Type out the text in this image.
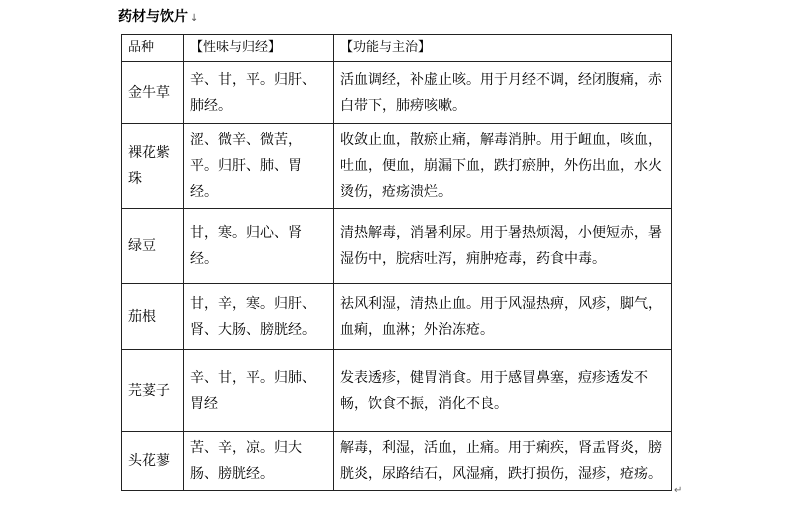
药材与饮片 ↓
品种	【性味与归经】	【功能与主治】
金牛草	辛、甘，平。归肝、肺经。	活血调经，补虚止咳。用于月经不调，经闭腹痛，赤白带下，肺痨咳嗽。
裸花紫珠	涩、微辛、微苦，平。归肝、肺、胃经。	收敛止血，散瘀止痛，解毒消肿。用于衄血，咳血，吐血，便血，崩漏下血，跌打瘀肿，外伤出血，水火烫伤，疮疡溃烂。
绿豆	甘，寒。归心、肾经。	清热解毒，消暑利尿。用于暑热烦渴，小便短赤，暑湿伤中，脘痞吐泻，痈肿疮毒，药食中毒。
茄根	甘，辛，寒。归肝、肾、大肠、膀胱经。	祛风利湿，清热止血。用于风湿热痹，风疹，脚气，血痢，血淋；外治冻疮。
芫荽子	辛、甘，平。归肺、胃经	发表透疹，健胃消食。用于感冒鼻塞，痘疹透发不畅，饮食不振，消化不良。
头花蓼	苦、辛，凉。归大肠、膀胱经。	解毒，利湿，活血，止痛。用于痢疾，肾盂肾炎，膀胱炎，尿路结石，风湿痛，跌打损伤，湿疹，疮疡。
↵
